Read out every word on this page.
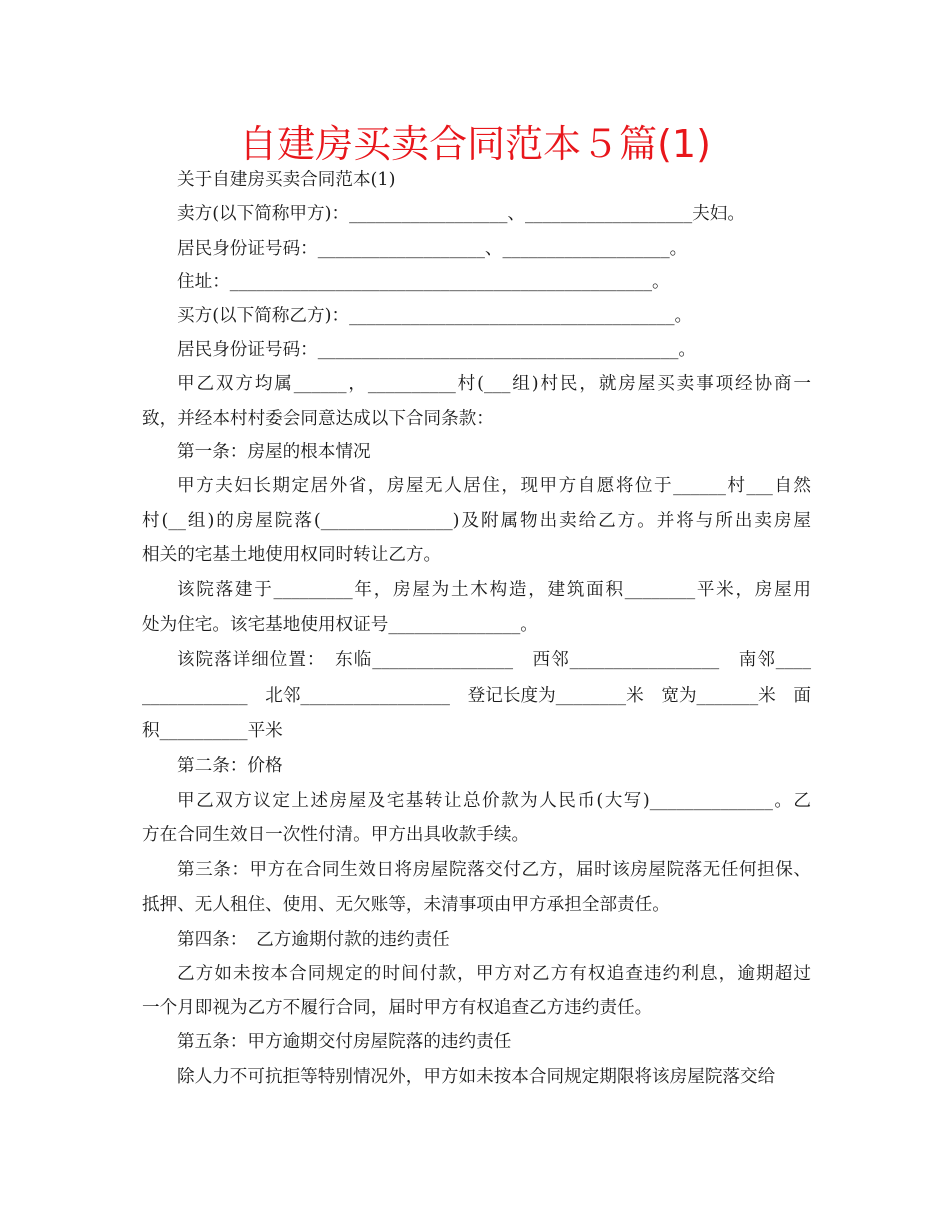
自建房买卖合同范本５篇(1)
关于自建房买卖合同范本(1)
卖方(以下简称甲方)：__________________、___________________夫妇。
居民身份证号码：___________________、___________________。
住址：________________________________________________。
买方(以下简称乙方)：_____________________________________。
居民身份证号码：_________________________________________。
甲乙双方均属______，__________村(___组)村民，就房屋买卖事项经协商一
致，并经本村村委会同意达成以下合同条款：
第一条：房屋的根本情况
甲方夫妇长期定居外省，房屋无人居住，现甲方自愿将位于______村___自然
村(__组)的房屋院落(_______________)及附属物出卖给乙方。并将与所出卖房屋
相关的宅基土地使用权同时转让乙方。
该院落建于_________年，房屋为土木构造，建筑面积________平米，房屋用
处为住宅。该宅基地使用权证号_______________。
该院落详细位置：　东临________________　西邻_________________　南邻____
____________　北邻_________________　登记长度为________米　宽为_______米　面
积__________平米
第二条：价格
甲乙双方议定上述房屋及宅基转让总价款为人民币(大写)______________。乙
方在合同生效日一次性付清。甲方出具收款手续。
第三条：甲方在合同生效日将房屋院落交付乙方，届时该房屋院落无任何担保、
抵押、无人租住、使用、无欠账等，未清事项由甲方承担全部责任。
第四条：　乙方逾期付款的违约责任
乙方如未按本合同规定的时间付款，甲方对乙方有权追查违约利息，逾期超过
一个月即视为乙方不履行合同，届时甲方有权追查乙方违约责任。
第五条：甲方逾期交付房屋院落的违约责任
除人力不可抗拒等特别情况外，甲方如未按本合同规定期限将该房屋院落交给
